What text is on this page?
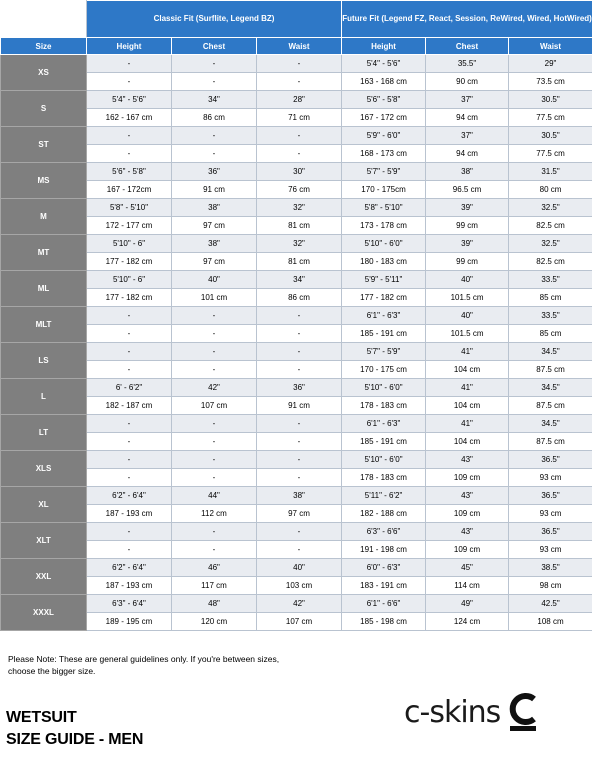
	Classic Fit (Surflite, Legend BZ)			Future Fit (Legend FZ, React, Session, ReWired, Wired, HotWired)		
Size	Height	Chest	Waist	Height	Chest	Waist
XS	-	-	-	5'4" - 5'6"	35.5"	29"
	-	-	-	163 - 168 cm	90 cm	73.5 cm
S	5'4" - 5'6"	34"	28"	5'6" - 5'8"	37"	30.5"
	162 - 167 cm	86 cm	71 cm	167 - 172 cm	94 cm	77.5 cm
ST	-	-	-	5'9" - 6'0"	37"	30.5"
	-	-	-	168 - 173 cm	94 cm	77.5 cm
MS	5'6" - 5'8"	36"	30"	5'7" - 5'9"	38"	31.5"
	167 - 172cm	91 cm	76 cm	170 - 175cm	96.5 cm	80 cm
M	5'8" - 5'10"	38"	32"	5'8" - 5'10"	39"	32.5"
	172 - 177 cm	97 cm	81 cm	173 - 178 cm	99 cm	82.5 cm
MT	5'10" - 6"	38"	32"	5'10" - 6'0"	39"	32.5"
	177 - 182 cm	97 cm	81 cm	180 - 183 cm	99 cm	82.5 cm
ML	5'10" - 6"	40"	34"	5'9" - 5'11"	40"	33.5"
	177 - 182 cm	101 cm	86 cm	177 - 182 cm	101.5 cm	85 cm
MLT	-	-	-	6'1" - 6'3"	40"	33.5"
	-	-	-	185 - 191 cm	101.5 cm	85 cm
LS	-	-	-	5'7" - 5'9"	41"	34.5"
	-	-	-	170 - 175 cm	104 cm	87.5 cm
L	6' - 6'2"	42"	36"	5'10" - 6'0"	41"	34.5"
	182 - 187 cm	107 cm	91 cm	178 - 183 cm	104 cm	87.5 cm
LT	-	-	-	6'1" - 6'3"	41"	34.5"
	-	-	-	185 - 191 cm	104 cm	87.5 cm
XLS	-	-	-	5'10" - 6'0"	43"	36.5"
	-	-	-	178 - 183 cm	109 cm	93 cm
XL	6'2" - 6'4"	44"	38"	5'11" - 6'2"	43"	36.5"
	187 - 193 cm	112 cm	97 cm	182 - 188 cm	109 cm	93 cm
XLT	-	-	-	6'3" - 6'6"	43"	36.5"
	-	-	-	191 - 198 cm	109 cm	93 cm
XXL	6'2" - 6'4"	46"	40"	6'0" - 6'3"	45"	38.5"
	187 - 193 cm	117 cm	103 cm	183 - 191 cm	114 cm	98 cm
XXXL	6'3" - 6'4"	48"	42"	6'1" - 6'6"	49"	42.5"
	189 - 195 cm	120 cm	107 cm	185 - 198 cm	124 cm	108 cm
Please Note: These are general guidelines only. If you're between sizes, choose the bigger size.
WETSUIT
SIZE GUIDE - MEN
c-skins
